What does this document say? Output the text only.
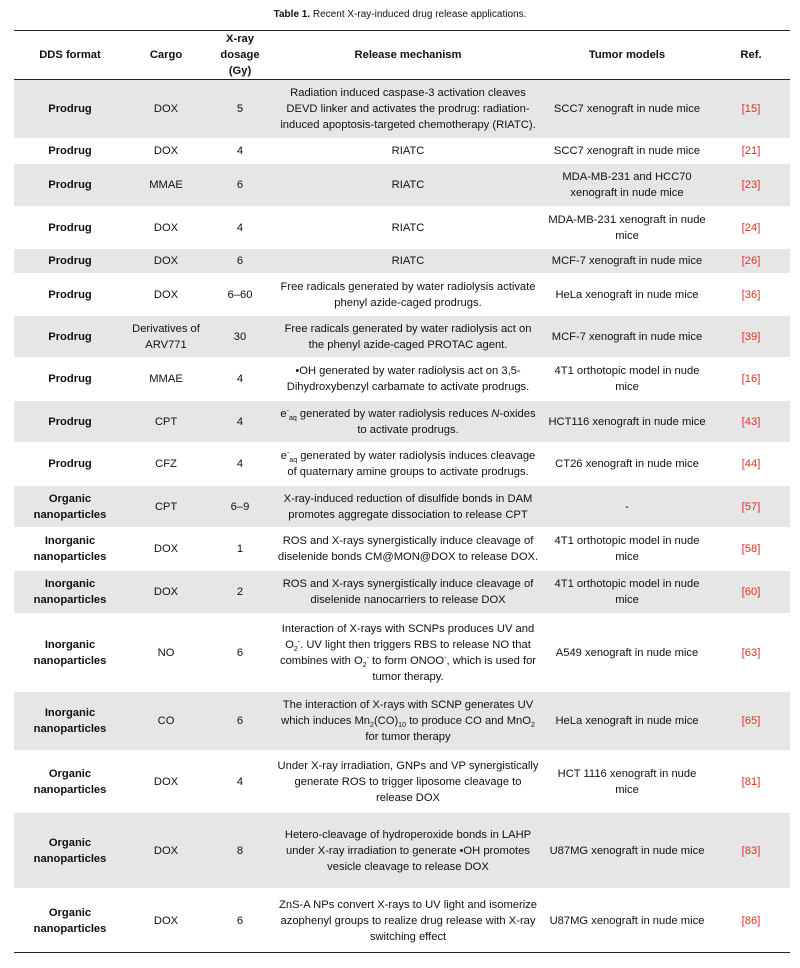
Table 1. Recent X-ray-induced drug release applications.
DDS format	Cargo	X-ray dosage (Gy)	Release mechanism	Tumor models	Ref.
Prodrug	DOX	5	Radiation induced caspase-3 activation cleaves DEVD linker and activates the prodrug: radiation-induced apoptosis-targeted chemotherapy (RIATC).	SCC7 xenograft in nude mice	[15]
Prodrug	DOX	4	RIATC	SCC7 xenograft in nude mice	[21]
Prodrug	MMAE	6	RIATC	MDA-MB-231 and HCC70 xenograft in nude mice	[23]
Prodrug	DOX	4	RIATC	MDA-MB-231 xenograft in nude mice	[24]
Prodrug	DOX	6	RIATC	MCF-7 xenograft in nude mice	[26]
Prodrug	DOX	6–60	Free radicals generated by water radiolysis activate phenyl azide-caged prodrugs.	HeLa xenograft in nude mice	[36]
Prodrug	Derivatives of ARV771	30	Free radicals generated by water radiolysis act on the phenyl azide-caged PROTAC agent.	MCF-7 xenograft in nude mice	[39]
Prodrug	MMAE	4	•OH generated by water radiolysis act on 3,5-Dihydroxybenzyl carbamate to activate prodrugs.	4T1 orthotopic model in nude mice	[16]
Prodrug	CPT	4	$e^-_{aq}$ generated by water radiolysis reduces N-oxides to activate prodrugs.	HCT116 xenograft in nude mice	[43]
Prodrug	CFZ	4	$e^-_{aq}$ generated by water radiolysis induces cleavage of quaternary amine groups to activate prodrugs.	CT26 xenograft in nude mice	[44]
Organic nanoparticles	CPT	6–9	X-ray-induced reduction of disulfide bonds in DAM promotes aggregate dissociation to release CPT	-	[57]
Inorganic nanoparticles	DOX	1	ROS and X-rays synergistically induce cleavage of diselenide bonds CM@MON@DOX to release DOX.	4T1 orthotopic model in nude mice	[58]
Inorganic nanoparticles	DOX	2	ROS and X-rays synergistically induce cleavage of diselenide nanocarriers to release DOX	4T1 orthotopic model in nude mice	[60]
Inorganic nanoparticles	NO	6	Interaction of X-rays with SCNPs produces UV and $O_2^-$. UV light then triggers RBS to release NO that combines with $O_2^-$ to form ONOO-, which is used for tumor therapy.	A549 xenograft in nude mice	[63]
Inorganic nanoparticles	CO	6	The interaction of X-rays with SCNP generates UV which induces $Mn_2(CO)_{10}$ to produce CO and MnO$_2$ for tumor therapy	HeLa xenograft in nude mice	[65]
Organic nanoparticles	DOX	4	Under X-ray irradiation, GNPs and VP synergistically generate ROS to trigger liposome cleavage to release DOX	HCT 1116 xenograft in nude mice	[81]
Organic nanoparticles	DOX	8	Hetero-cleavage of hydroperoxide bonds in LAHP under X-ray irradiation to generate •OH promotes vesicle cleavage to release DOX	U87MG xenograft in nude mice	[83]
Organic nanoparticles	DOX	6	ZnS-A NPs convert X-rays to UV light and isomerize azophenyl groups to realize drug release with X-ray switching effect	U87MG xenograft in nude mice	[86]
